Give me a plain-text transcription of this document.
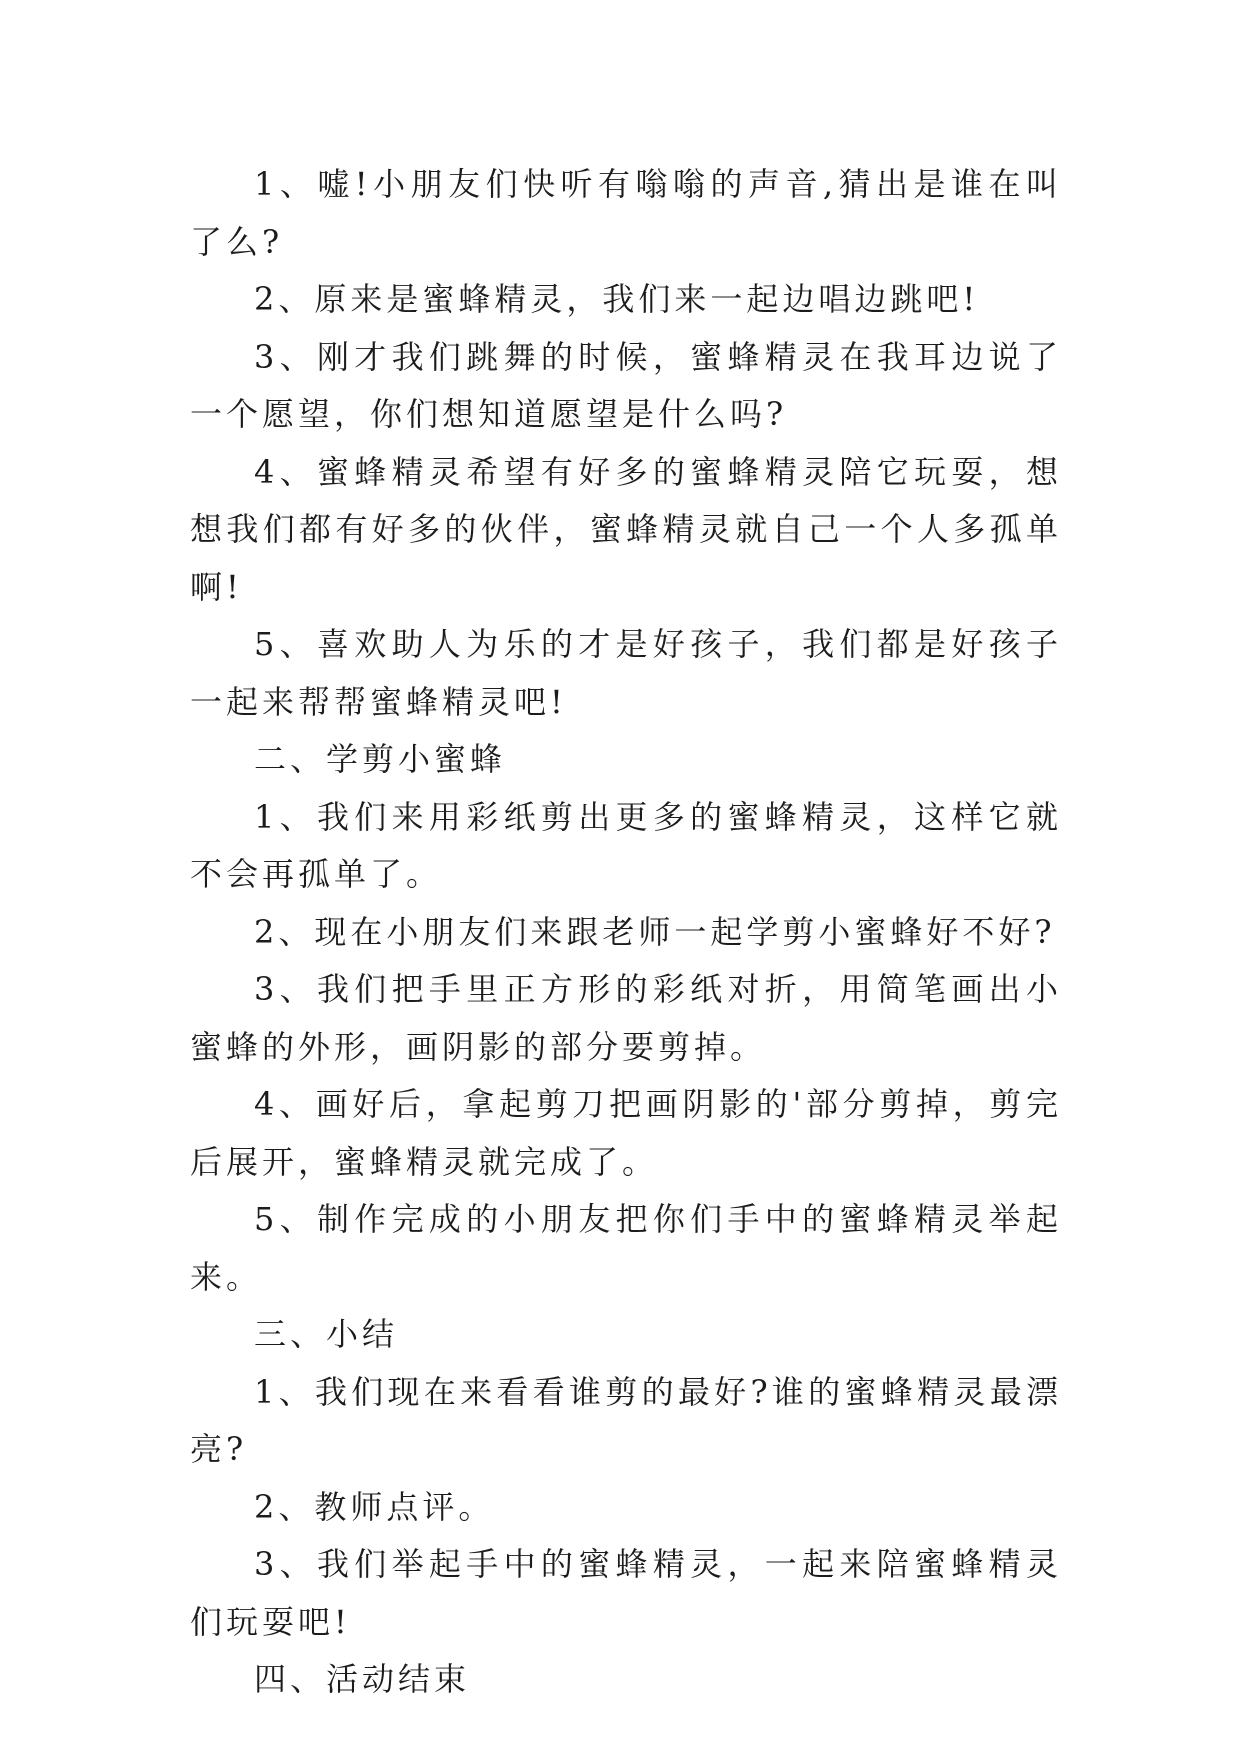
1、嘘!小朋友们快听有嗡嗡的声音,猜出是谁在叫了么?

2、原来是蜜蜂精灵，我们来一起边唱边跳吧!

3、刚才我们跳舞的时候，蜜蜂精灵在我耳边说了一个愿望，你们想知道愿望是什么吗?

4、蜜蜂精灵希望有好多的蜜蜂精灵陪它玩耍，想想我们都有好多的伙伴，蜜蜂精灵就自己一个人多孤单啊!

5、喜欢助人为乐的才是好孩子，我们都是好孩子一起来帮帮蜜蜂精灵吧!

二、学剪小蜜蜂

1、我们来用彩纸剪出更多的蜜蜂精灵，这样它就不会再孤单了。

2、现在小朋友们来跟老师一起学剪小蜜蜂好不好?

3、我们把手里正方形的彩纸对折，用简笔画出小蜜蜂的外形，画阴影的部分要剪掉。

4、画好后，拿起剪刀把画阴影的'部分剪掉，剪完后展开，蜜蜂精灵就完成了。

5、制作完成的小朋友把你们手中的蜜蜂精灵举起来。

三、小结

1、我们现在来看看谁剪的最好?谁的蜜蜂精灵最漂亮?

2、教师点评。

3、我们举起手中的蜜蜂精灵，一起来陪蜜蜂精灵们玩耍吧!

四、活动结束
